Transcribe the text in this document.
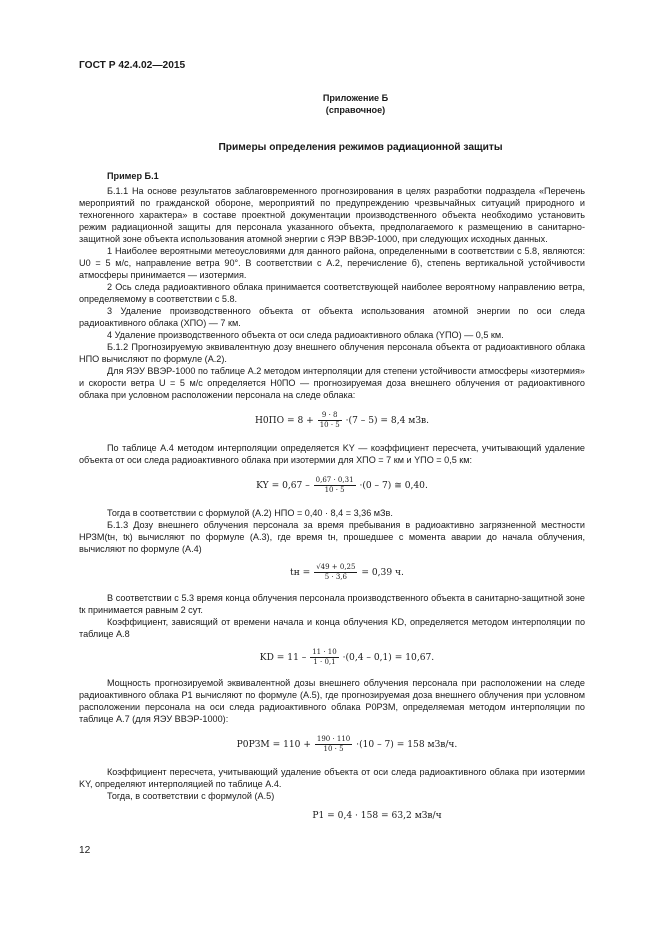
ГОСТ Р 42.4.02—2015
Приложение Б
(справочное)
Примеры определения режимов радиационной защиты

Пример Б.1

Б.1.1 На основе результатов заблаговременного прогнозирования в целях разработки подраздела «Перечень мероприятий по гражданской обороне, мероприятий по предупреждению чрезвычайных ситуаций природного и техногенного характера» в составе проектной документации производственного объекта необходимо установить режим радиационной защиты для персонала указанного объекта, предполагаемого к размещению в санитарно-защитной зоне объекта использования атомной энергии с ЯЭР ВВЭР-1000, при следующих исходных данных.

1 Наиболее вероятными метеоусловиями для данного района, определенными в соответствии с 5.8, являются: U0 = 5 м/с, направление ветра 90°. В соответствии с А.2, перечисление б), степень вертикальной устойчивости атмосферы принимается — изотермия.

2 Ось следа радиоактивного облака принимается соответствующей наиболее вероятному направлению ветра, определяемому в соответствии с 5.8.

3 Удаление производственного объекта от объекта использования атомной энергии по оси следа радиоактивного облака (XПО) — 7 км.

4 Удаление производственного объекта от оси следа радиоактивного облака (YПО) — 0,5 км.

Б.1.2 Прогнозируемую эквивалентную дозу внешнего облучения персонала объекта от радиоактивного облака HПО вычисляют по формуле (А.2).

Для ЯЭУ ВВЭР-1000 по таблице А.2 методом интерполяции для степени устойчивости атмосферы «изотермия» и скорости ветра U = 5 м/с определяется H0ПО — прогнозируемая доза внешнего облучения от радиоактивного облака при условном расположении персонала на следе облака:

$H0ПО = 8 + \frac{9 \cdot 8}{10 \cdot 5} \cdot(7 - 5) = 8,4$ мЗв.

По таблице А.4 методом интерполяции определяется KY — коэффициент пересчета, учитывающий удаление объекта от оси следа радиоактивного облака при изотермии для XПО = 7 км и YПО = 0,5 км:

KY = $0,67 - \frac{0,67 \cdot 0,31}{10 \cdot 5} \cdot(0 - 7)$ ≅ 0,40.

Тогда в соответствии с формулой (А.2) HПО = 0,40 · 8,4 = 3,36 мЗв.

Б.1.3 Дозу внешнего облучения персонала за время пребывания в радиоактивно загрязненной местности HРЗМ(tн, tк) вычисляют по формуле (А.3), где время tн, прошедшее с момента аварии до начала облучения, вычисляют по формуле (А.4)

tн = $\frac{√49 + 0,25}{5 \cdot 3,6} = 0,39$ ч.

В соответствии с 5.3 время конца облучения персонала производственного объекта в санитарно-защитной зоне tк принимается равным 2 сут.

Коэффициент, зависящий от времени начала и конца облучения KD, определяется методом интерполяции по таблице А.8

KD = $11 - \frac{11 \cdot 10}{1 \cdot 0,1} \cdot(0,4 - 0,1) = 10,67$.

Мощность прогнозируемой эквивалентной дозы внешнего облучения персонала при расположении на следе радиоактивного облака P1 вычисляют по формуле (А.5), где прогнозируемая доза внешнего облучения при условном расположении персонала на оси следа радиоактивного облака P0РЗМ, определяемая методом интерполяции по таблице А.7 (для ЯЭУ ВВЭР-1000):

$P0РЗМ = 110 + \frac{190 \cdot 110}{10 \cdot 5} \cdot(10 - 7) = 158$ мЗв/ч.

Коэффициент пересчета, учитывающий удаление объекта от оси следа радиоактивного облака при изотермии KY, определяют интерполяцией по таблице А.4.

Тогда, в соответствии с формулой (А.5)

P1 = 0,4 · 158 = 63,2 мЗв/ч
12
